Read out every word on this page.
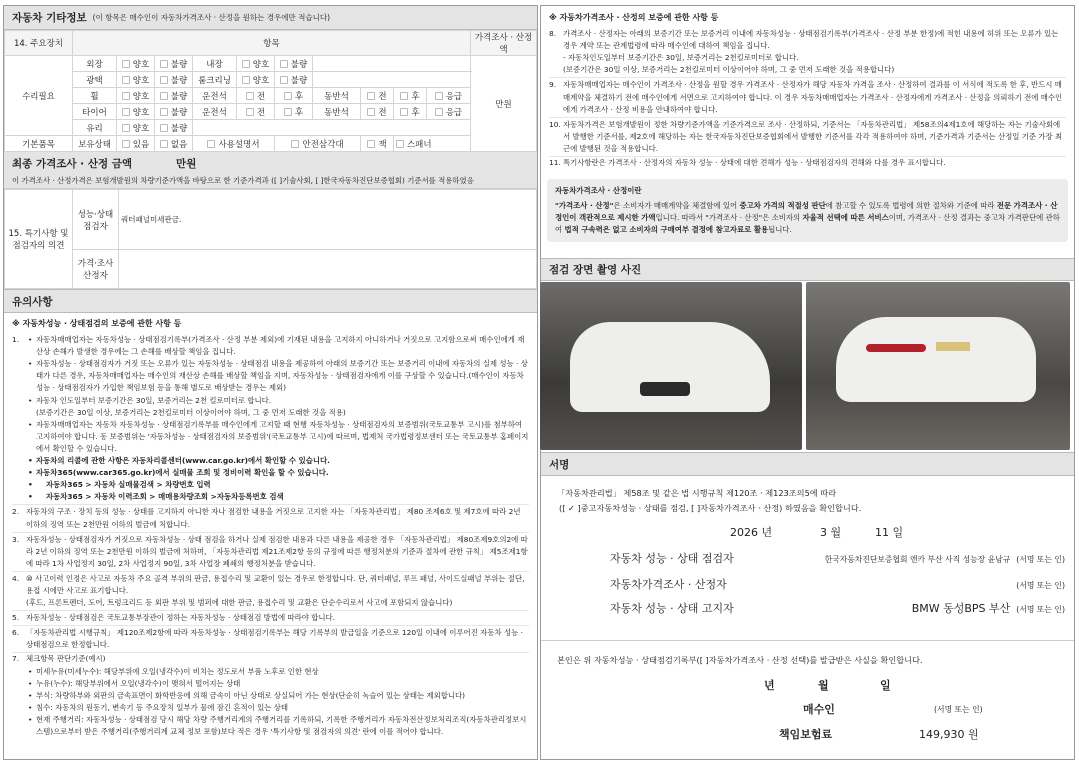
자동차 기타정보 (이 항목은 매수인이 자동차가격조사 · 산정을 원하는 경우에만 적습니다)
14. 주요장치	항목										가격조사 · 산정액
수리필요	외장	양호	불량	내장	양호	불량					만원
	광택	양호	불량	룸크리닝	양호	불량					
	휠	양호	불량	운전석	전	후	동반석	전	후	응급	
	타이어	양호	불량	운전석	전	후	동반석	전	후	응급	
	유리	양호	불량								
기본품목	보유상태	있음	없음	사용설명서		안전삼각대		잭	스패너		
최종 가격조사 · 산정 금액	만원
이 가격조사 · 산정가격은 보험개발원의 차량기준가액을 바탕으로 한 기준가격과 ([ ]기술사회, [ ]한국자동차진단보증협회) 기준서를 적용하였음
15. 특기사항 및 점검자의 의견	성능·상태 점검자	쿼터패널미세판금.
	가격·조사 산정자	
유의사항
※ 자동차성능 · 상태점검의 보증에 관한 사항 등
1.	• 자동차매매업자는 자동차성능 · 상태점검기록부(가격조사 · 산정 부분 제외)에 기재된 내용을 고지하지 아니하거나 거짓으로 고지함으로써 매수인에게 재산상 손해가 발생한 경우에는 그 손해를 배상할 책임을 집니다.
• 자동차성능 · 상태점검자가 거짓 또는 오류가 있는 자동차성능 · 상태점검 내용을 제공하여 아래의 보증기간 또는 보증거리 이내에 자동차의 실제 성능 · 상태가 다른 경우, 자동차매매업자는 매수인의 재산상 손해를 배상할 책임을 지며, 자동차성능 · 상태점검자에게 이를 구상할 수 있습니다.(매수인이 자동차성능 · 상태점검자가 가입한 책임보험 등을 통해 별도로 배상받는 경우는 제외)
• 자동차 인도일부터 보증기간은 30일, 보증거리는 2천 킬로미터로 합니다.
(보증기간은 30일 이상, 보증거리는 2천킬로미터 이상이어야 하며, 그 중 먼저 도래한 것을 적용)
• 자동차매매업자는 자동차 자동차성능 · 상태점검기록부를 매수인에게 고지할 때 현행 자동차성능 · 상태점검자의 보증범위(국토교통부 고시)를 첨부하여 고지하여야 합니다. 동 보증범위는 '자동차성능 · 상태점검자의 보증범위'(국토교통부 고시)에 따르며, 법제처 국가법령정보센터 또는 국토교통부 홈페이지에서 확인할 수 있습니다.
• 자동차의 리콜에 관한 사항은 자동차리콜센터(www.car.go.kr)에서 확인할 수 있습니다.
• 자동차365(www.car365.go.kr)에서 실매물 조회 및 정비이력 확인을 할 수 있습니다.
• 자동차365 > 자동차 실매물검색 > 차량번호 입력
• 자동차365 > 자동차 이력조회 > 매매용차량조회 >자동차등록번호 검색
2. 자동차의 구조 · 장치 등의 성능 · 상태를 고지하지 아니한 자나 점검한 내용을 거짓으로 고지한 자는 「자동차관리법」 제80 조제6호 및 제7호에 따라 2년 이하의 징역 또는 2천만원 이하의 벌금에 처합니다.
3. 자동차성능 · 상태점검자가 거짓으로 자동차성능 · 상태 점검을 하거나 실제 점검한 내용과 다른 내용을 제공한 경우 「자동차관리법」 제80조제9호의2에 따라 2년 이하의 징역 또는 2천만원 이하의 벌금에 처하며, 「자동차관리법 제21조제2항 등의 규정에 따른 행정처분의 기준과 절차에 관한 규칙」 제5조제1항에 따라 1차 사업정지 30일, 2차 사업정지 90일, 3차 사업장 폐쇄의 행정처분을 받습니다.
4. ⑩ 사고이력 인정은 사고로 자동차 주요 골격 부위의 판금, 용접수리 및 교환이 있는 경우로 한정합니다. 단, 쿼터패널, 루프 패널, 사이드실패널 부위는 절단, 용접 시에만 사고로 표기합니다.
(후드, 프론트펜더, 도어, 트렁크리드 등 외판 부위 및 범퍼에 대한 판금, 용접수리 및 교환은 단순수리로서 사고에 포함되지 않습니다)
5. 자동차성능 · 상태점검은 국토교통부장관이 정하는 자동차성능 · 상태점검 방법에 따라야 합니다.
6. 「자동차관리법 시행규칙」 제120조제2항에 따라 자동차성능 · 상태점검기록부는 해당 기록부의 발급일을 기준으로 120일 이내에 이루어진 자동차 성능 · 상태점검으로 한정합니다.
7. 체크항목 판단기준(예시)
• 미세누유(미세누수): 해당부위에 오일(냉각수)이 비치는 정도로서 부품 노후로 인한 현상
• 누유(누수): 해당부위에서 오일(냉각수)이 맺혀서 떨어지는 상태
• 부식: 차량하부와 외판의 금속표면이 화학반응에 의해 금속이 아닌 상태로 상실되어 가는 현상(단순히 녹슬어 있는 상태는 제외합니다)
• 침수: 자동차의 원동기, 변속기 등 주요장치 일부가 물에 잠긴 흔적이 있는 상태
• 현재 주행거리: 자동차성능 · 상태점검 당시 해당 차량 주행거리계의 주행거리를 기록하되, 기록한 주행거리가 자동차전산정보처리조직(자동차관리정보시스템)으로부터 받은 주행거리(주행거리계 교체 정보 포함)보다 적은 경우 '특기사항 및 점검자의 의견' 란에 이를 적어야 합니다.
※ 자동차가격조사 · 산정의 보증에 관한 사항 등
8. 가격조사 · 산정자는 아래의 보증기간 또는 보증거리 이내에 자동차성능 · 상태점검기록부(가격조사 · 산정 부분 한정)에 적힌 내용에 허위 또는 오류가 있는 경우 계약 또는 관계법령에 따라 매수인에 대하여 책임을 집니다.
- 자동차인도일부터 보증기간은 30일, 보증거리는 2천킬로미터로 합니다.
(보증기간은 30일 이상, 보증거리는 2천킬로미터 이상이어야 하며, 그 중 먼저 도래한 것을 적용합니다)
9. 자동차매매업자는 매수인이 가격조사 · 산정을 원할 경우 가격조사 · 산정자가 해당 자동차 가격을 조사 · 산정하여 결과를 이 서식에 적도록 한 후, 반드시 매매계약을 체결하기 전에 매수인에게 서면으로 고지하여야 합니다. 이 경우 자동차매매업자는 가격조사 · 산정자에게 가격조사 · 산정을 의뢰하기 전에 매수인에게 가격조사 · 산정 비용을 안내하여야 합니다.
10. 자동차가격은 보험개발원이 정한 차량기준가액을 기준가격으로 조사 · 산정하되, 기준서는 「자동차관리법」 제58조의4제1호에 해당하는 자는 기술사회에서 발행한 기준서를, 제2호에 해당하는 자는 한국자동차진단보증협회에서 발행한 기준서를 각각 적용하여야 하며, 기준가격과 기준서는 산정일 기준 가장 최근에 발행된 것을 적용합니다.
11. 특기사항란은 가격조사 · 산정자의 자동차 성능 · 상태에 대한 견해가 성능 · 상태점검자의 견해와 다를 경우 표시합니다.
자동차가격조사 · 산정이란
"가격조사 · 산정"은 소비자가 매매계약을 체결함에 있어 중고차 가격의 적절성 판단에 참고할 수 있도록 법령에 의한 절차와 기준에 따라 전문 가격조사 · 산정인이 객관적으로 제시한 가액입니다. 따라서 "가격조사 · 산정"은 소비자의 자율적 선택에 따른 서비스이며, 가격조사 · 산정 결과는 중고차 가격판단에 관하여 법적 구속력은 없고 소비자의 구매여부 결정에 참고자료로 활용됩니다.
점검 장면 촬영 사진
서명
「자동차관리법」 제58조 및 같은 법 시행규칙 제120조 · 제123조의5에 따라
([ ✓ ]중고자동차성능 · 상태를 점검, [ ]자동차가격조사 · 산정) 하였음을 확인합니다.
2026 년	3 월	11 일
자동차 성능 · 상태 점검자	한국자동차진단보증협회 엔카 부산 사직 성능장 윤남규 (서명 또는 인)
자동차가격조사 · 산정자	(서명 또는 인)
자동차 성능 · 상태 고지자	BMW 동성BPS 부산 (서명 또는 인)
본인은 위 자동차성능 · 상태점검기록부([ ]자동차가격조사 · 산정 선택)를 발급받은 사실을 확인합니다.
년	월	일
매수인	(서명 또는 인)
책임보험료	149,930 원
